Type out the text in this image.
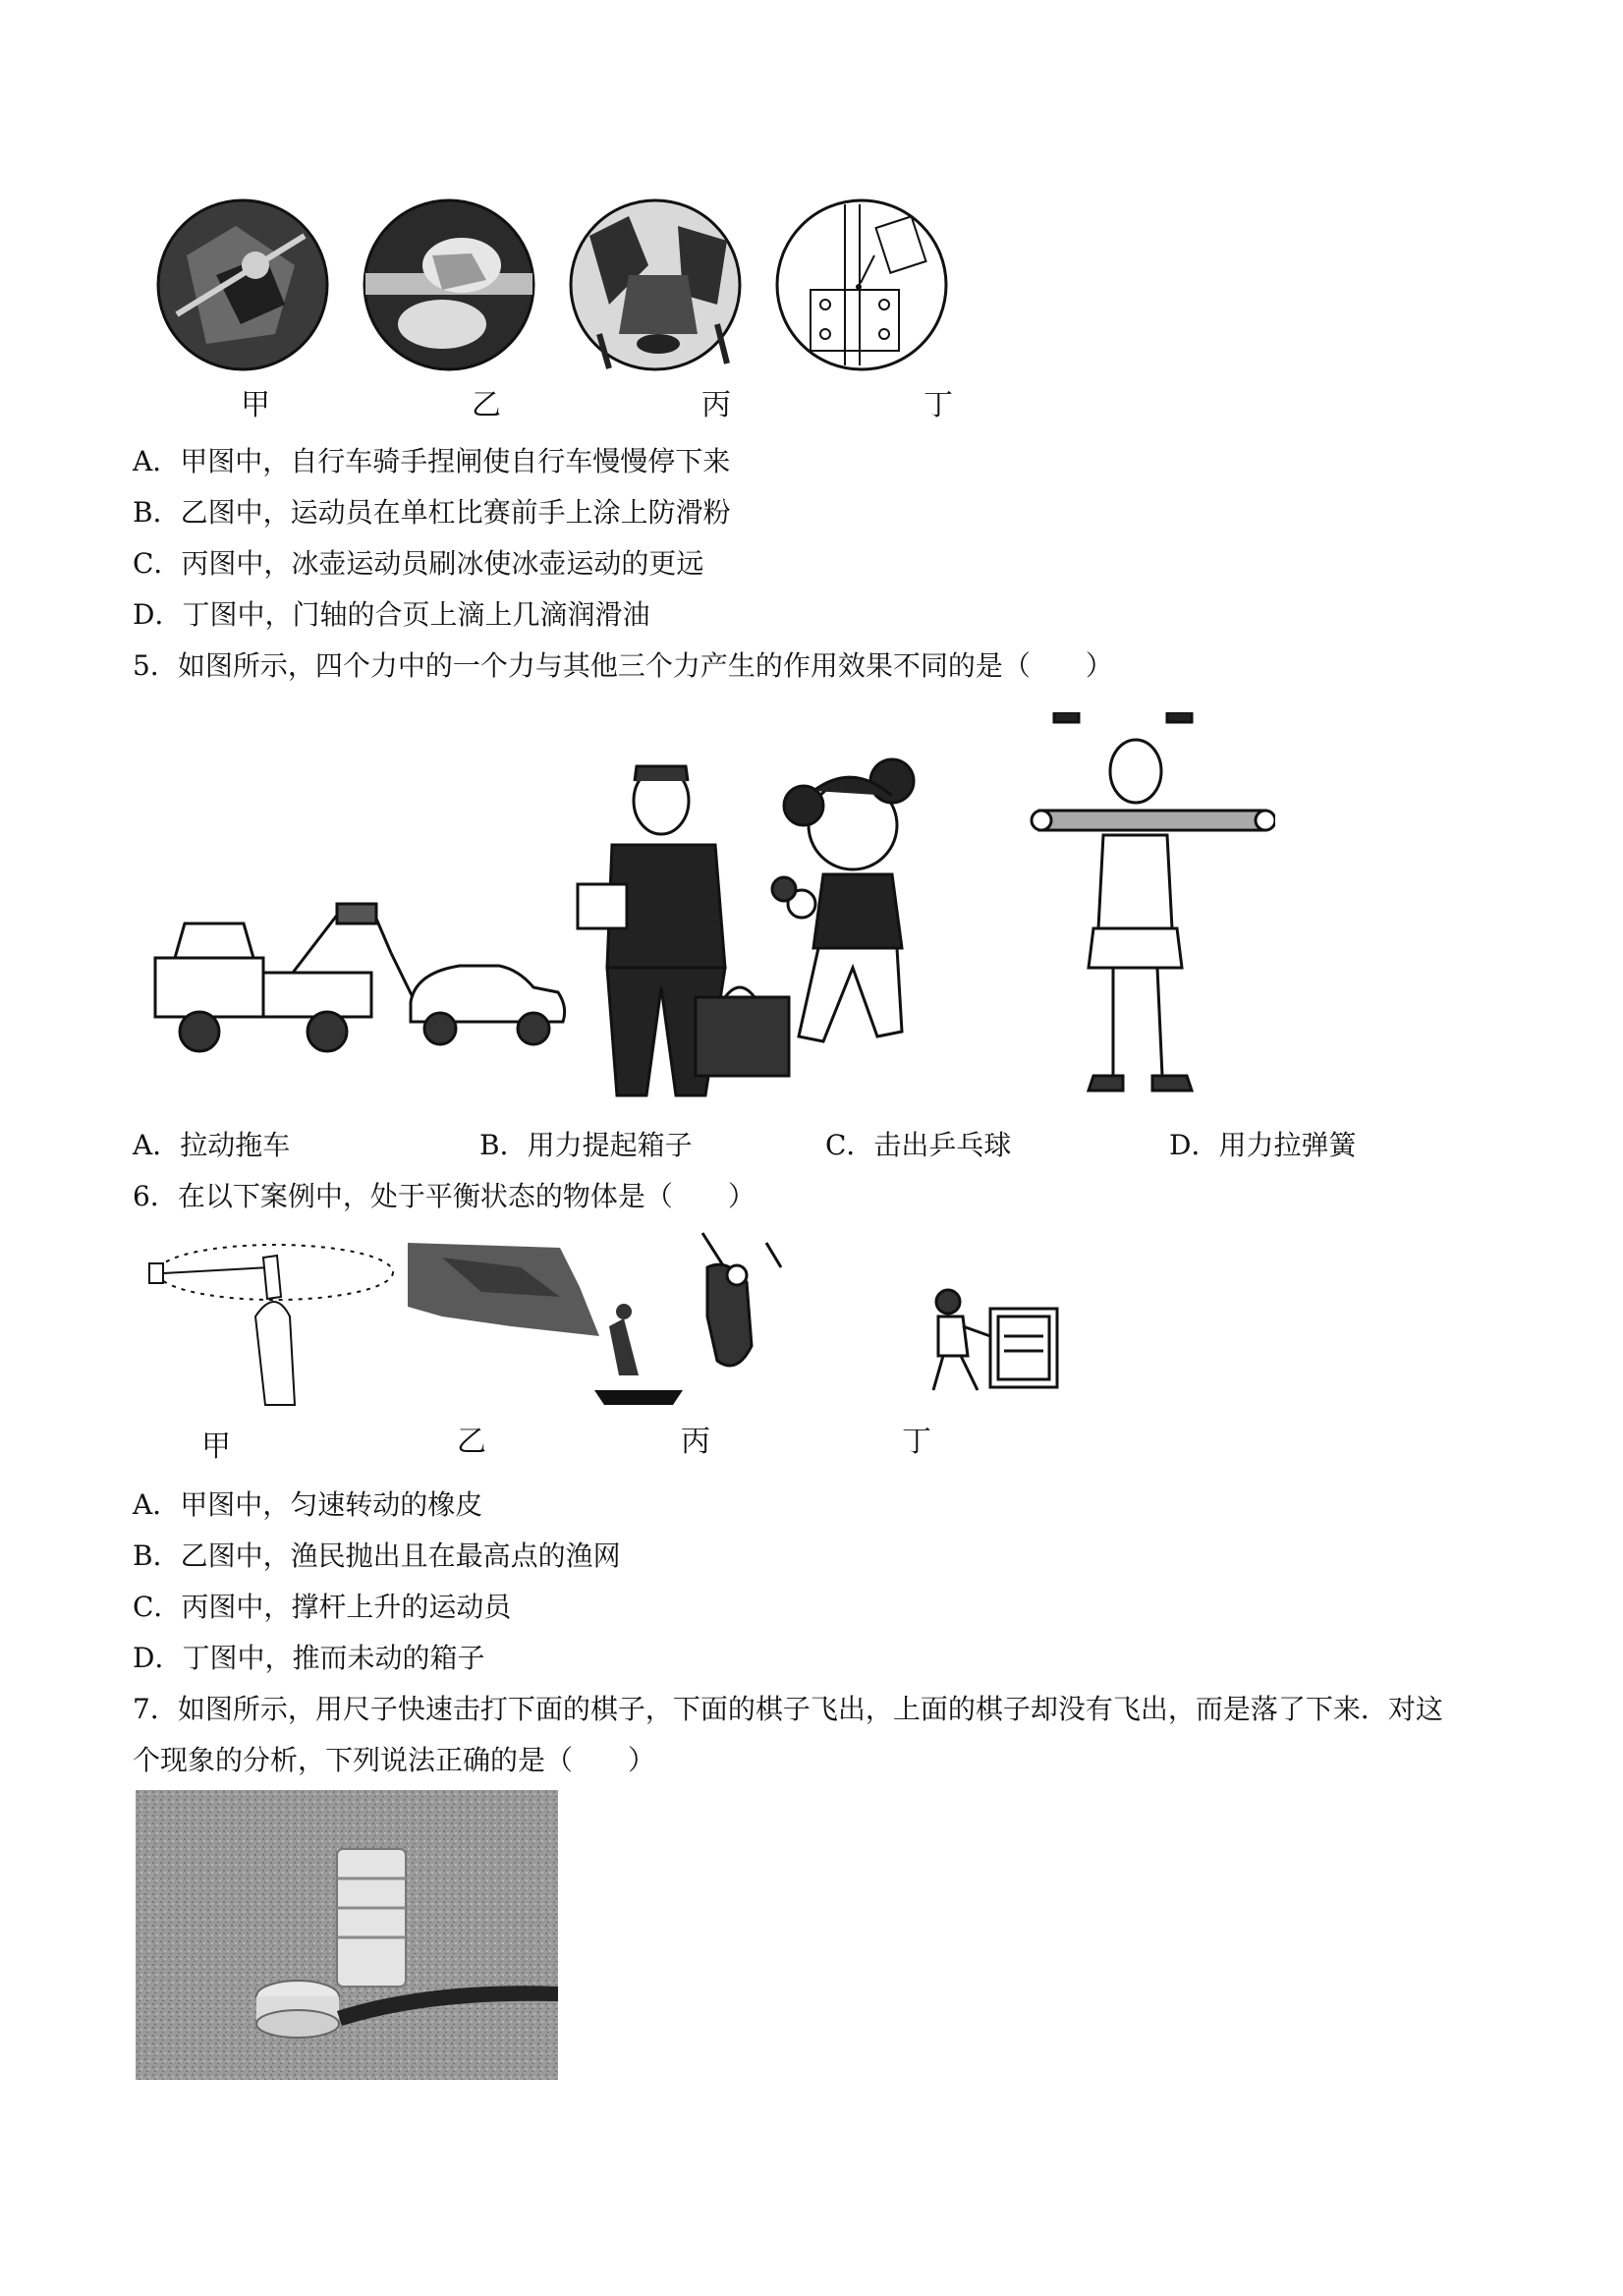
甲	乙	丙	丁
A．甲图中，自行车骑手捏闸使自行车慢慢停下来
B．乙图中，运动员在单杠比赛前手上涂上防滑粉
C．丙图中，冰壶运动员刷冰使冰壶运动的更远
D．丁图中，门轴的合页上滴上几滴润滑油
5．如图所示，四个力中的一个力与其他三个力产生的作用效果不同的是（　　）
A．拉动拖车	B．用力提起箱子	C．击出乒乓球	D．用力拉弹簧
6．在以下案例中，处于平衡状态的物体是（　　）
甲	乙	丙	丁
A．甲图中，匀速转动的橡皮
B．乙图中，渔民抛出且在最高点的渔网
C．丙图中，撑杆上升的运动员
D．丁图中，推而未动的箱子
7．如图所示，用尺子快速击打下面的棋子，下面的棋子飞出，上面的棋子却没有飞出，而是落了下来．对这
个现象的分析，下列说法正确的是（　　）
